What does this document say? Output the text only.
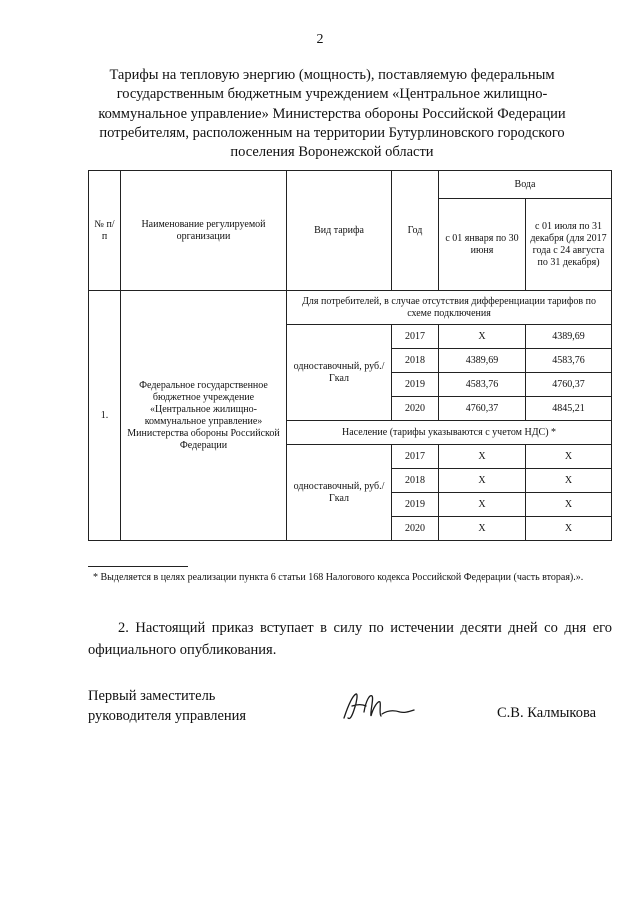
2
Тарифы на тепловую энергию (мощность), поставляемую федеральным
государственным бюджетным учреждением «Центральное жилищно-
коммунальное управление» Министерства обороны Российской Федерации
потребителям, расположенным на территории Бутурлиновского городского
поселения Воронежской области
№ п/п	Наименование регулируемой организации	Вид тарифа	Год	Вода	
				с 01 января по 30 июня	с 01 июля по 31 декабря (для 2017 года с 24 августа по 31 декабря)
1.	Федеральное государственное бюджетное учреждение «Центральное жилищно-коммунальное управление» Министерства обороны Российской Федерации	Для потребителей, в случае отсутствия дифференциации тарифов по схеме подключения			
		одноставочный, руб./Гкал	2017	Х	4389,69
			2018	4389,69	4583,76
			2019	4583,76	4760,37
			2020	4760,37	4845,21
		Население (тарифы указываются с учетом НДС) *			
		одноставочный, руб./Гкал	2017	Х	Х
			2018	Х	Х
			2019	Х	Х
			2020	Х	Х
* Выделяется в целях реализации пункта 6 статьи 168 Налогового кодекса Российской Федерации (часть вторая).».
2. Настоящий приказ вступает в силу по истечении десяти дней со дня его официального опубликования.
Первый заместитель
руководителя управления	С.В. Калмыкова
